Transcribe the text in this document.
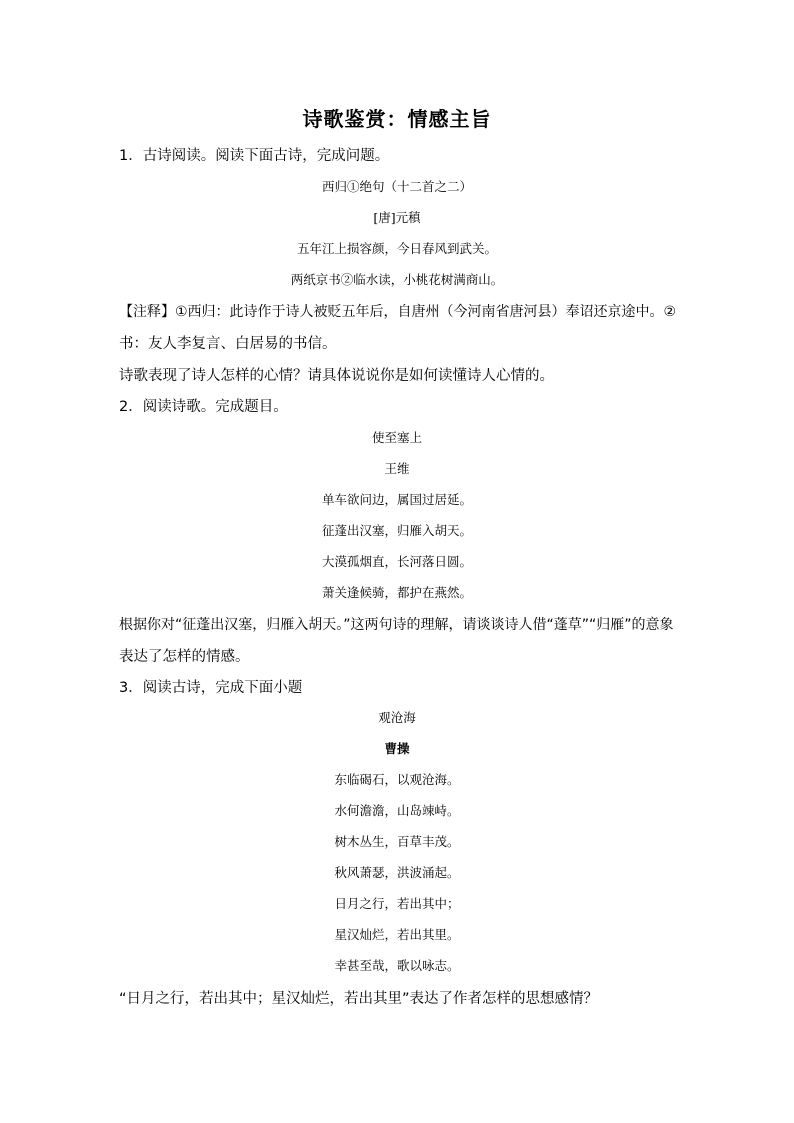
诗歌鉴赏：情感主旨
1．古诗阅读。阅读下面古诗，完成问题。
西归①绝句（十二首之二）
[唐]元稹
五年江上损容颜，今日春风到武关。
两纸京书②临水读，小桃花树满商山。
【注释】①西归：此诗作于诗人被贬五年后，自唐州（今河南省唐河县）奉诏还京途中。②
书：友人李复言、白居易的书信。
诗歌表现了诗人怎样的心情？请具体说说你是如何读懂诗人心情的。
2．阅读诗歌。完成题目。
使至塞上
王维
单车欲问边，属国过居延。
征蓬出汉塞，归雁入胡天。
大漠孤烟直，长河落日圆。
萧关逢候骑，都护在燕然。
根据你对“征蓬出汉塞，归雁入胡天。”这两句诗的理解，请谈谈诗人借“蓬草”“归雁”的意象
表达了怎样的情感。
3．阅读古诗，完成下面小题
观沧海
曹操
东临碣石，以观沧海。
水何澹澹，山岛竦峙。
树木丛生，百草丰茂。
秋风萧瑟，洪波涌起。
日月之行，若出其中；
星汉灿烂，若出其里。
幸甚至哉，歌以咏志。
“日月之行，若出其中；星汉灿烂，若出其里”表达了作者怎样的思想感情？
